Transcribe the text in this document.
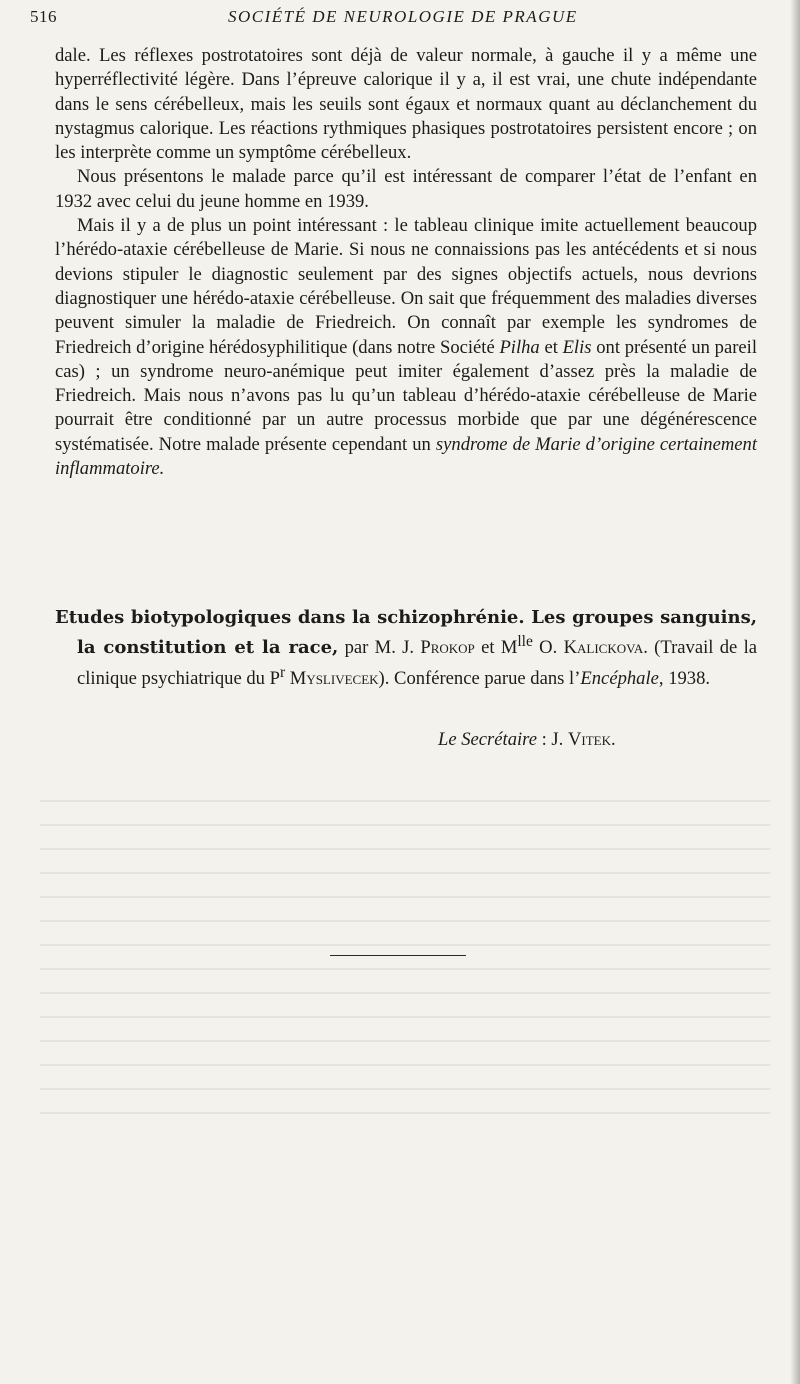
516	SOCIÉTÉ DE NEUROLOGIE DE PRAGUE

dale. Les réflexes postrotatoires sont déjà de valeur normale, à gauche il y a même une hyperréflectivité légère. Dans l’épreuve calorique il y a, il est vrai, une chute indépendante dans le sens cérébelleux, mais les seuils sont égaux et normaux quant au déclanchement du nystagmus calorique. Les réactions rythmiques phasiques postrotatoires persistent encore ; on les interprète comme un symptôme cérébelleux.

Nous présentons le malade parce qu’il est intéressant de comparer l’état de l’enfant en 1932 avec celui du jeune homme en 1939.

Mais il y a de plus un point intéressant : le tableau clinique imite actuellement beaucoup l’hérédo-ataxie cérébelleuse de Marie. Si nous ne connaissions pas les antécédents et si nous devions stipuler le diagnostic seulement par des signes objectifs actuels, nous devrions diagnostiquer une hérédo-ataxie cérébelleuse. On sait que fréquemment des maladies diverses peuvent simuler la maladie de Friedreich. On connaît par exemple les syndromes de Friedreich d’origine hérédosyphilitique (dans notre Société Pilha et Elis ont présenté un pareil cas) ; un syndrome neuro-anémique peut imiter également d’assez près la maladie de Friedreich. Mais nous n’avons pas lu qu’un tableau d’hérédo-ataxie cérébelleuse de Marie pourrait être conditionné par un autre processus morbide que par une dégénérescence systématisée. Notre malade présente cependant un syndrome de Marie d’origine certainement inflammatoire.

Etudes biotypologiques dans la schizophrénie. Les groupes sanguins, la constitution et la race, par M. J. Prokop et $M^{lle}$ O. Kalickova. (Travail de la clinique psychiatrique du $P^r$ Myslivecek). Conférence parue dans l’Encéphale, 1938.

Le Secrétaire : J. Vitek.
